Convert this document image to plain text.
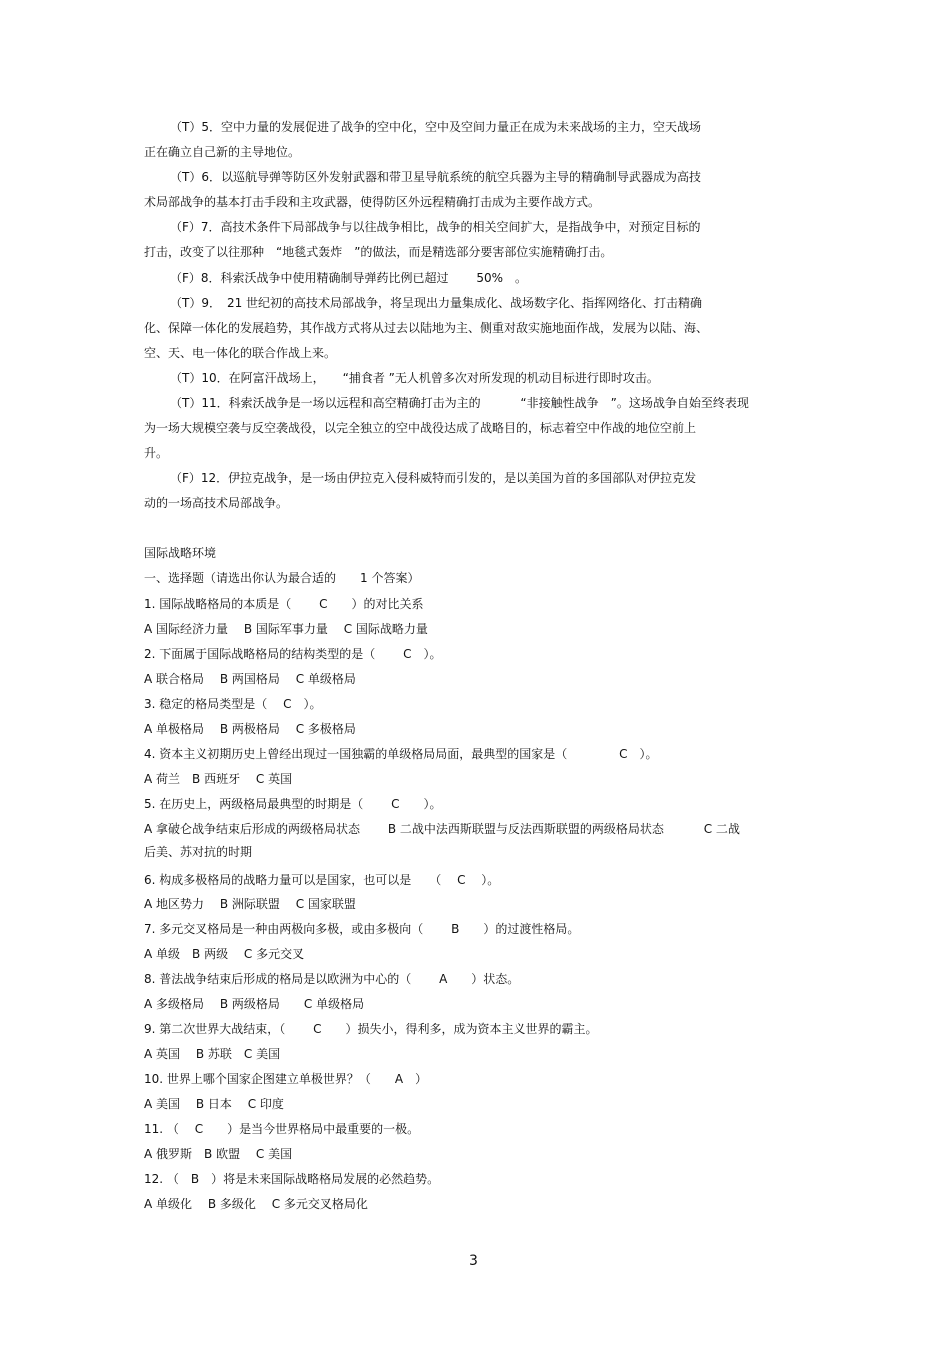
（T）5．空中力量的发展促进了战争的空中化，空中及空间力量正在成为未来战场的主力，空天战场
正在确立自己新的主导地位。
（T）6．以巡航导弹等防区外发射武器和带卫星导航系统的航空兵器为主导的精确制导武器成为高技
术局部战争的基本打击手段和主攻武器，使得防区外远程精确打击成为主要作战方式。
（F）7．高技术条件下局部战争与以往战争相比，战争的相关空间扩大，是指战争中，对预定目标的
打击，改变了以往那种　“地毯式轰炸　”的做法，而是精选部分要害部位实施精确打击。
（F）8．科索沃战争中使用精确制导弹药比例已超过　　 50%　。
（T）9．　21 世纪初的高技术局部战争，将呈现出力量集成化、战场数字化、指挥网络化、打击精确
化、保障一体化的发展趋势，其作战方式将从过去以陆地为主、侧重对敌实施地面作战，发展为以陆、海、
空、天、电一体化的联合作战上来。
（T）10．在阿富汗战场上，　　“捕食者 ”无人机曾多次对所发现的机动目标进行即时攻击。
（T）11．科索沃战争是一场以远程和高空精确打击为主的　　　 “非接触性战争　”。这场战争自始至终表现
为一场大规模空袭与反空袭战役，以完全独立的空中战役达成了战略目的，标志着空中作战的地位空前上
升。
（F）12．伊拉克战争，是一场由伊拉克入侵科威特而引发的，是以美国为首的多国部队对伊拉克发
动的一场高技术局部战争。
国际战略环境
一、选择题（请选出你认为最合适的　　1 个答案）
1. 国际战略格局的本质是（　　 C　　）的对比关系
A 国际经济力量　 B 国际军事力量　 C 国际战略力量
2. 下面属于国际战略格局的结构类型的是（　　 C　）。
A 联合格局　 B 两国格局　 C 单级格局
3. 稳定的格局类型是（　 C　）。
A 单极格局　 B 两极格局　 C 多极格局
4. 资本主义初期历史上曾经出现过一国独霸的单级格局局面，最典型的国家是（　　　　 C　）。
A 荷兰　B 西班牙　 C 英国
5. 在历史上，两级格局最典型的时期是（　　 C　　）。
A 拿破仑战争结束后形成的两级格局状态　　 B 二战中法西斯联盟与反法西斯联盟的两级格局状态　　　 C 二战
后美、苏对抗的时期
6. 构成多极格局的战略力量可以是国家，也可以是　　（　 C　 ）。
A 地区势力　 B 洲际联盟　 C 国家联盟
7. 多元交叉格局是一种由两极向多极，或由多极向（　　 B　　）的过渡性格局。
A 单级　B 两级　 C 多元交叉
8. 普法战争结束后形成的格局是以欧洲为中心的（　　 A　　）状态。
A 多级格局　 B 两级格局　　C 单级格局
9. 第二次世界大战结束，（　　 C　　）损失小，得利多，成为资本主义世界的霸主。
A 英国　 B 苏联　C 美国
10. 世界上哪个国家企图建立单极世界？（　　A　）
A 美国　 B 日本　 C 印度
11. （　 C　　）是当今世界格局中最重要的一极。
A 俄罗斯　B 欧盟　 C 美国
12. （　B　）将是未来国际战略格局发展的必然趋势。
A 单级化　 B 多级化　 C 多元交叉格局化
3
